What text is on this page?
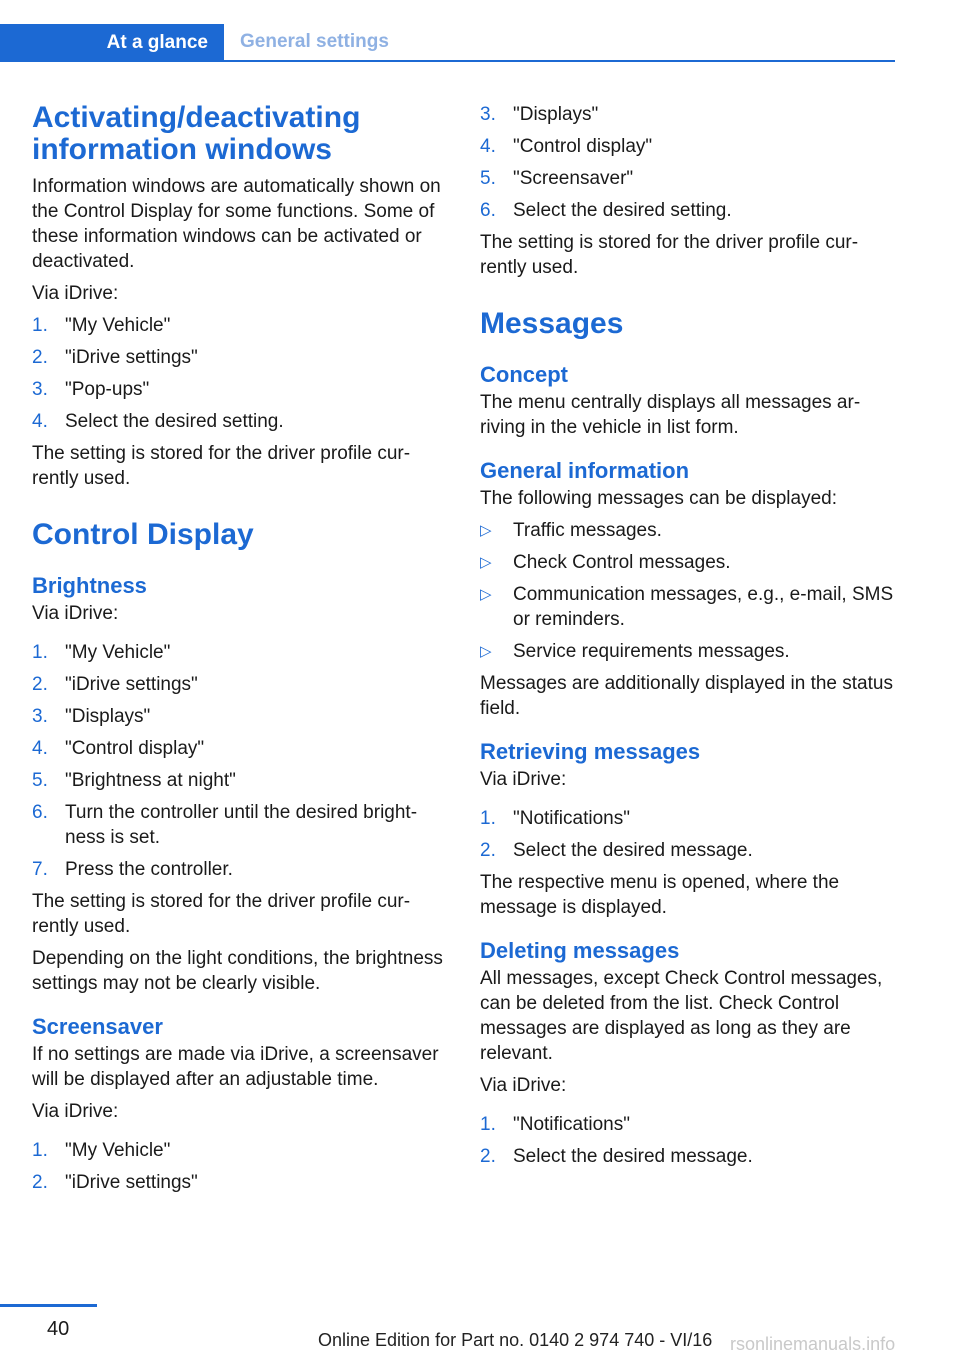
At a glance	General settings
Activating/deactivating information windows

Information windows are automatically shown on the Control Display for some functions. Some of these information windows can be activated or deactivated.

Via iDrive:

1. "My Vehicle"
2. "iDrive settings"
3. "Pop-ups"
4. Select the desired setting.

The setting is stored for the driver profile currently used.

Control Display
Brightness

Via iDrive:

1. "My Vehicle"
2. "iDrive settings"
3. "Displays"
4. "Control display"
5. "Brightness at night"
6. Turn the controller until the desired brightness is set.
7. Press the controller.

The setting is stored for the driver profile currently used.

Depending on the light conditions, the brightness settings may not be clearly visible.

Screensaver

If no settings are made via iDrive, a screensaver will be displayed after an adjustable time.

Via iDrive:

1. "My Vehicle"
2. "iDrive settings"
3. "Displays"
4. "Control display"
5. "Screensaver"
6. Select the desired setting.

The setting is stored for the driver profile currently used.

Messages
Concept

The menu centrally displays all messages arriving in the vehicle in list form.

General information

The following messages can be displayed:

▷	Traffic messages.
▷	Check Control messages.
▷	Communication messages, e.g., e-mail, SMS or reminders.
▷	Service requirements messages.

Messages are additionally displayed in the status field.

Retrieving messages

Via iDrive:

1. "Notifications"
2. Select the desired message.

The respective menu is opened, where the message is displayed.

Deleting messages

All messages, except Check Control messages, can be deleted from the list. Check Control messages are displayed as long as they are relevant.

Via iDrive:

1. "Notifications"
2. Select the desired message.
40	Online Edition for Part no. 0140 2 974 740 - VI/16 rsonlinemanuals.info
